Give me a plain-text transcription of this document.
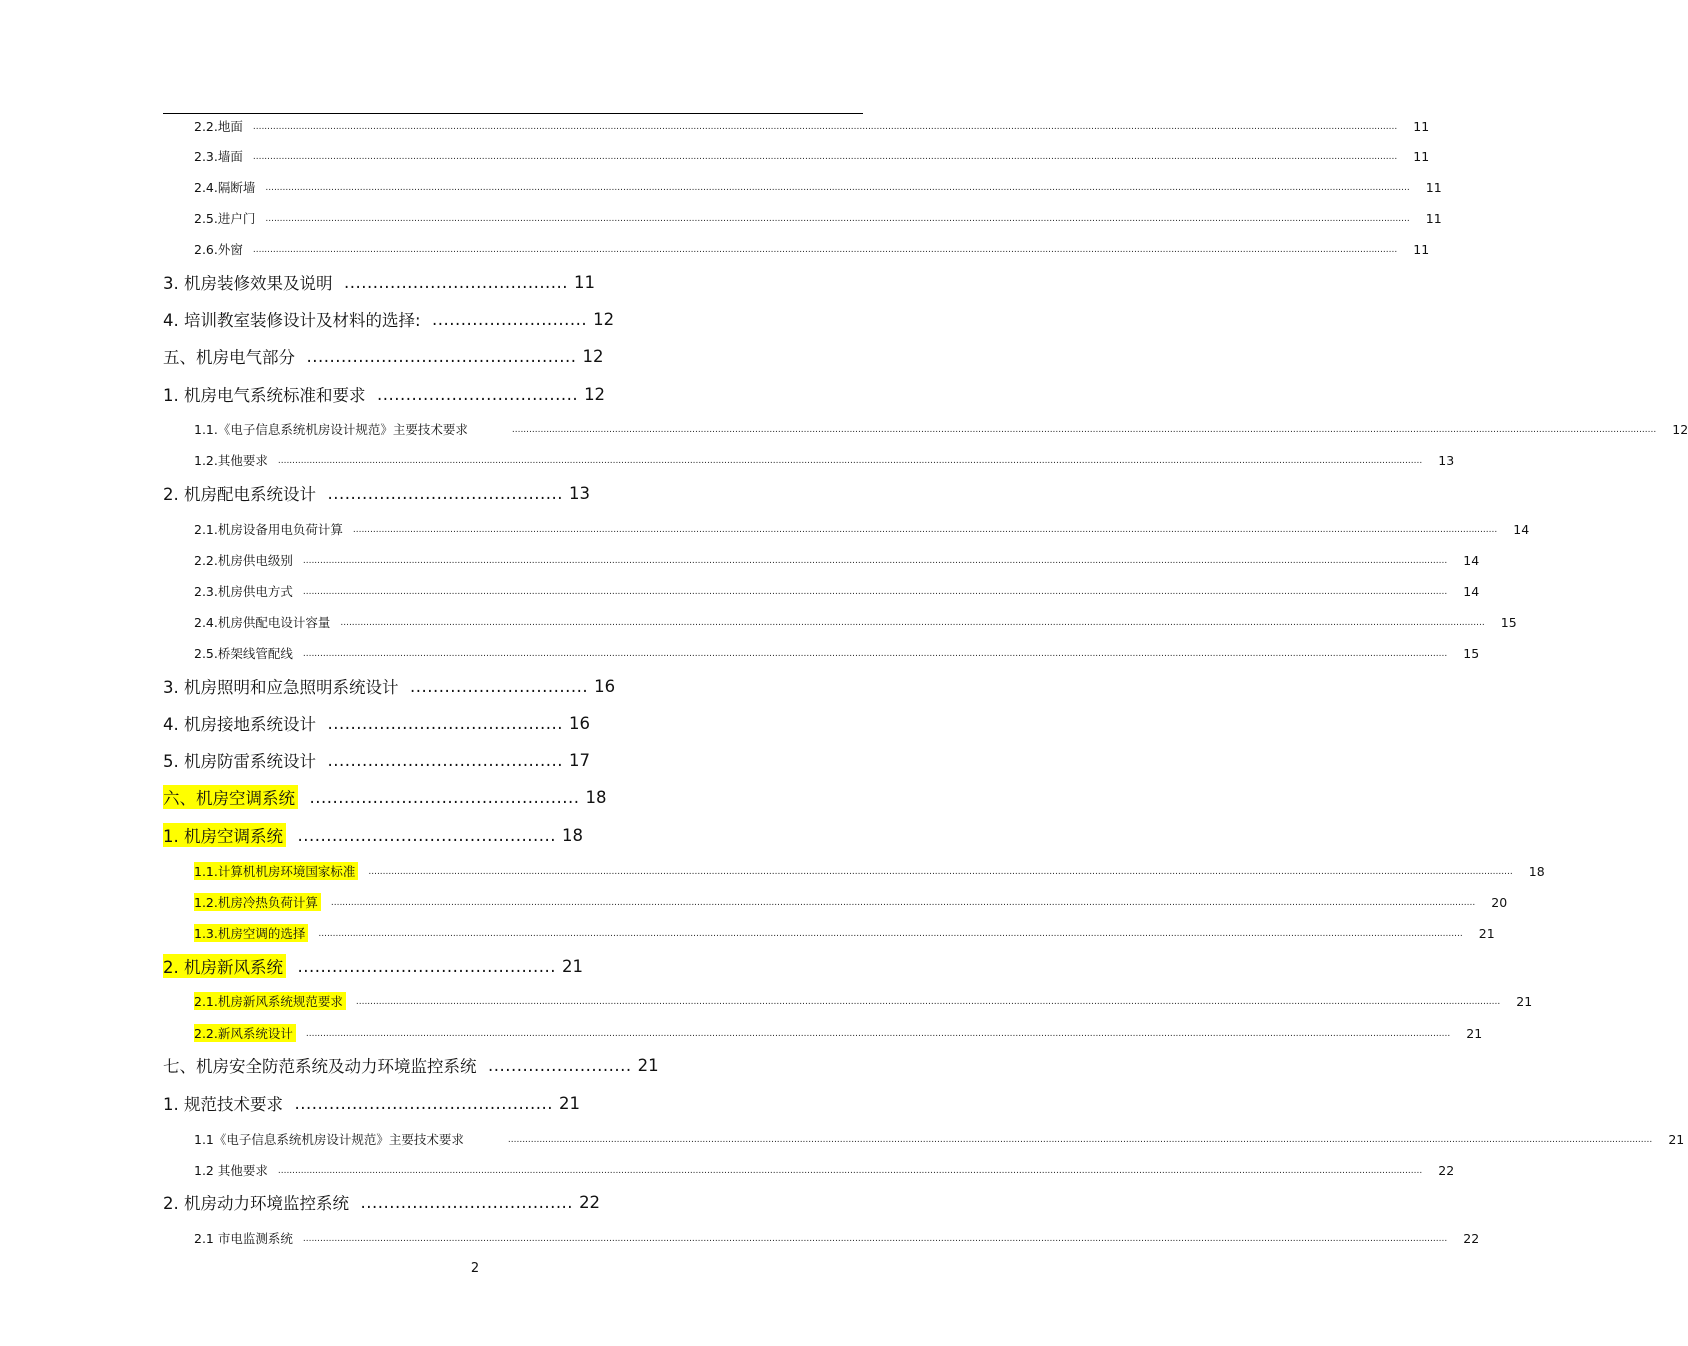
2.2.地面 ................................................................................................................................................................................................................................................................................................................................................................................................................	11
2.3.墙面 ................................................................................................................................................................................................................................................................................................................................................................................................................	11
2.4.隔断墙 ................................................................................................................................................................................................................................................................................................................................................................................................................	11
2.5.进户门 ................................................................................................................................................................................................................................................................................................................................................................................................................	11
2.6.外窗 ................................................................................................................................................................................................................................................................................................................................................................................................................	11
3. 机房装修效果及说明 ....................................... 11
4. 培训教室装修设计及材料的选择: ........................... 12
五、机房电气部分 ............................................... 12
1. 机房电气系统标准和要求 ................................... 12
1.1.《电子信息系统机房设计规范》主要技术要求	................................................................................................................................................................................................................................................................................................................................................................................................................	12
1.2.其他要求 ................................................................................................................................................................................................................................................................................................................................................................................................................	13
2. 机房配电系统设计 ......................................... 13
2.1.机房设备用电负荷计算 ................................................................................................................................................................................................................................................................................................................................................................................................................	14
2.2.机房供电级别 ................................................................................................................................................................................................................................................................................................................................................................................................................	14
2.3.机房供电方式 ................................................................................................................................................................................................................................................................................................................................................................................................................	14
2.4.机房供配电设计容量 ................................................................................................................................................................................................................................................................................................................................................................................................................	15
2.5.桥架线管配线 ................................................................................................................................................................................................................................................................................................................................................................................................................	15
3. 机房照明和应急照明系统设计 ............................... 16
4. 机房接地系统设计 ......................................... 16
5. 机房防雷系统设计 ......................................... 17
六、机房空调系统 ............................................... 18
1. 机房空调系统 ............................................. 18
1.1.计算机机房环境国家标准	................................................................................................................................................................................................................................................................................................................................................................................................................	18
1.2.机房冷热负荷计算	................................................................................................................................................................................................................................................................................................................................................................................................................	20
1.3.机房空调的选择	................................................................................................................................................................................................................................................................................................................................................................................................................	21
2. 机房新风系统 ............................................. 21
2.1.机房新风系统规范要求	................................................................................................................................................................................................................................................................................................................................................................................................................	21
2.2.新风系统设计	................................................................................................................................................................................................................................................................................................................................................................................................................	21
七、机房安全防范系统及动力环境监控系统 ......................... 21
1. 规范技术要求 ............................................. 21
1.1《电子信息系统机房设计规范》主要技术要求	................................................................................................................................................................................................................................................................................................................................................................................................................	21
1.2 其他要求 ................................................................................................................................................................................................................................................................................................................................................................................................................	22
2. 机房动力环境监控系统 ..................................... 22
2.1 市电监测系统 ................................................................................................................................................................................................................................................................................................................................................................................................................	22
2
